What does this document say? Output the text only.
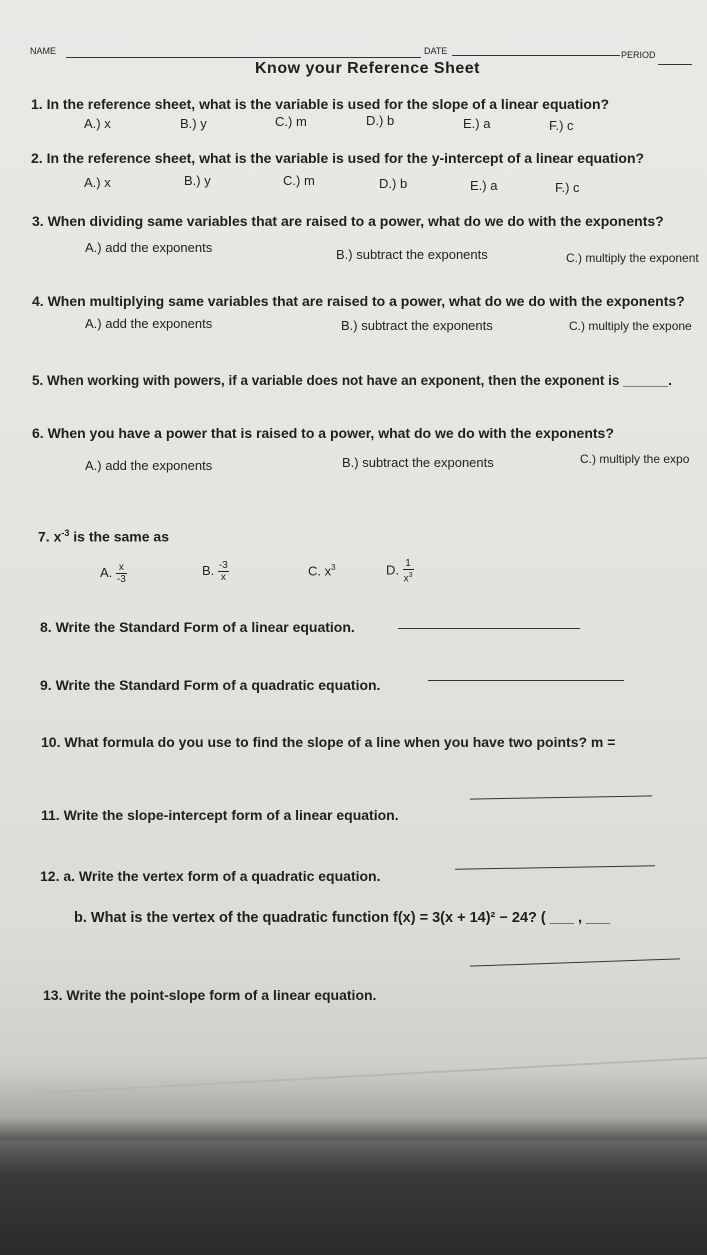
NAME	DATE	PERIOD
Know your Reference Sheet
1. In the reference sheet, what is the variable is used for the slope of a linear equation?
A.) x	B.) y	C.) m	D.) b	E.) a	F.) c
2. In the reference sheet, what is the variable is used for the y-intercept of a linear equation?
A.) x	B.) y	C.) m	D.) b	E.) a	F.) c
3. When dividing same variables that are raised to a power, what do we do with the exponents?
A.) add the exponents	B.) subtract the exponents	C.) multiply the exponent
4. When multiplying same variables that are raised to a power, what do we do with the exponents?
A.) add the exponents	B.) subtract the exponents	C.) multiply the expone
5. When working with powers, if a variable does not have an exponent, then the exponent is ______.
6. When you have a power that is raised to a power, what do we do with the exponents?
A.) add the exponents	B.) subtract the exponents	C.) multiply the expo
7. $x^{-3}$ is the same as
A. $\frac{x}{-3}$	B. $\frac{-3}{x}$	C. $x^3$	D. $\frac{1}{x^3}$
8. Write the Standard Form of a linear equation.
9. Write the Standard Form of a quadratic equation.
10. What formula do you use to find the slope of a line when you have two points? m =
11. Write the slope-intercept form of a linear equation.
12. a. Write the vertex form of a quadratic equation.
b. What is the vertex of the quadratic function f(x) = 3(x + 14)² − 24? ( ___ , ___
13. Write the point-slope form of a linear equation.
